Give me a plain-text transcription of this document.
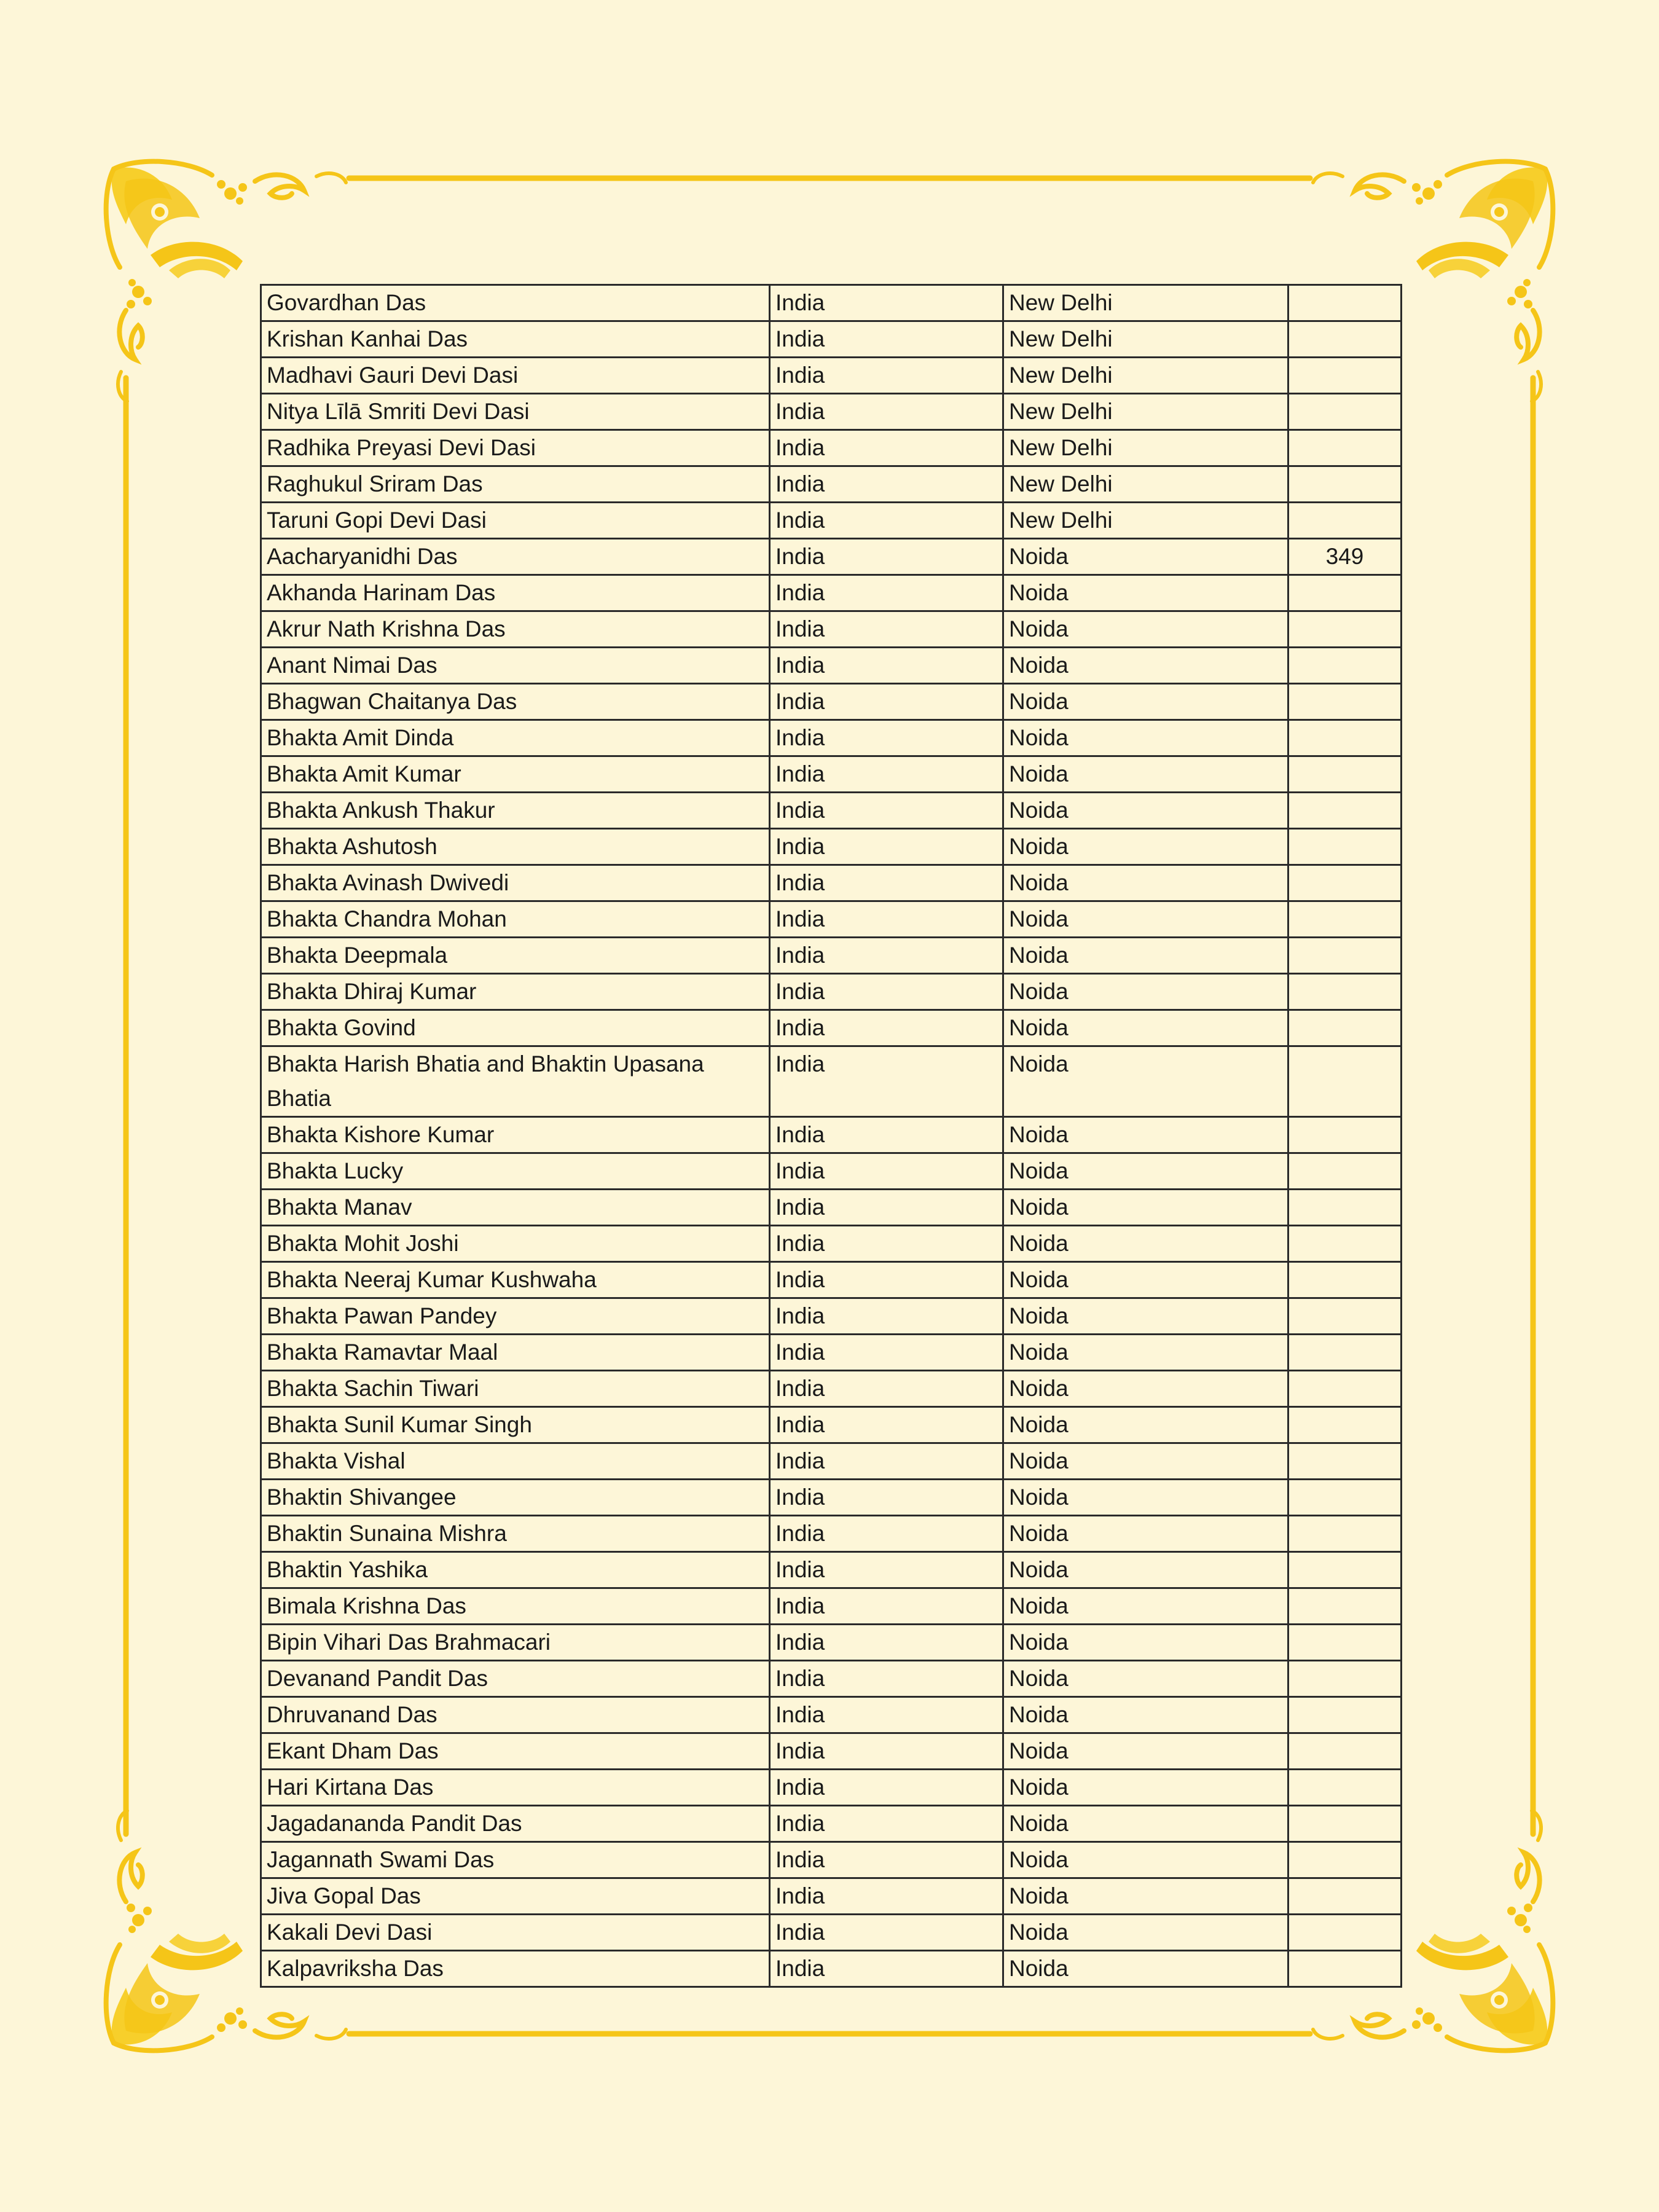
Govardhan Das	India	New Delhi	
Krishan Kanhai Das	India	New Delhi	
Madhavi Gauri Devi Dasi	India	New Delhi	
Nitya Līlā Smriti Devi Dasi	India	New Delhi	
Radhika Preyasi Devi Dasi	India	New Delhi	
Raghukul Sriram Das	India	New Delhi	
Taruni Gopi Devi Dasi	India	New Delhi	
Aacharyanidhi Das	India	Noida	349
Akhanda Harinam Das	India	Noida	
Akrur Nath Krishna Das	India	Noida	
Anant Nimai Das	India	Noida	
Bhagwan Chaitanya Das	India	Noida	
Bhakta Amit Dinda	India	Noida	
Bhakta Amit Kumar	India	Noida	
Bhakta Ankush Thakur	India	Noida	
Bhakta Ashutosh	India	Noida	
Bhakta Avinash Dwivedi	India	Noida	
Bhakta Chandra Mohan	India	Noida	
Bhakta Deepmala	India	Noida	
Bhakta Dhiraj Kumar	India	Noida	
Bhakta Govind	India	Noida	
Bhakta Harish Bhatia and Bhaktin Upasana Bhatia	India	Noida	
Bhakta Kishore Kumar	India	Noida	
Bhakta Lucky	India	Noida	
Bhakta Manav	India	Noida	
Bhakta Mohit Joshi	India	Noida	
Bhakta Neeraj Kumar Kushwaha	India	Noida	
Bhakta Pawan Pandey	India	Noida	
Bhakta Ramavtar Maal	India	Noida	
Bhakta Sachin Tiwari	India	Noida	
Bhakta Sunil Kumar Singh	India	Noida	
Bhakta Vishal	India	Noida	
Bhaktin Shivangee	India	Noida	
Bhaktin Sunaina Mishra	India	Noida	
Bhaktin Yashika	India	Noida	
Bimala Krishna Das	India	Noida	
Bipin Vihari Das Brahmacari	India	Noida	
Devanand Pandit Das	India	Noida	
Dhruvanand Das	India	Noida	
Ekant Dham Das	India	Noida	
Hari Kirtana Das	India	Noida	
Jagadananda Pandit Das	India	Noida	
Jagannath Swami Das	India	Noida	
Jiva Gopal Das	India	Noida	
Kakali Devi Dasi	India	Noida	
Kalpavriksha Das	India	Noida	
